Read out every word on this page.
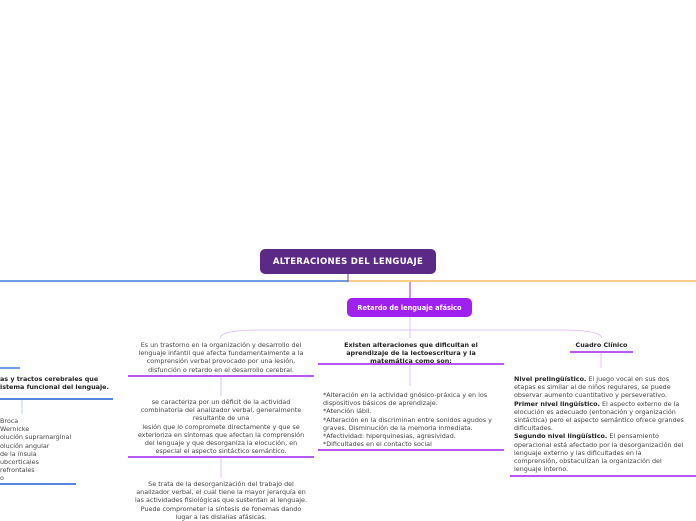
ALTERACIONES DEL LENGUAJE
Retardo de lenguaje afásico
as y tractos cerebrales que
istema funcional del lenguaje.
Broca
Wernicke
olución supramarginal
olución angular
de la ínsula
ubcorticales
refrontales
o
Es un trastorno en la organización y desarrollo del
lenguaje infantil que afecta fundamentalmente a la
comprensión verbal provocado por una lesión,
disfunción o retardo en el desarrollo cerebral.
se caracteriza por un déficit de la actividad
combinatoria del analizador verbal, generalmente
resultante de una
lesión que lo compromete directamente y que se
exterioriza en síntomas que afectan la comprensión
del lenguaje y que desorganiza la elocución, en
especial el aspecto sintáctico semántico.
Se trata de la desorganización del trabajo del
analizador verbal, el cual tiene la mayor jerarquía en
las actividades fisiológicas que sustentan al lenguaje.
Puede comprometer la síntesis de fonemas dando
lugar a las dislalias afásicas.
Existen alteraciones que dificultan el
aprendizaje de la lectoescritura y la
matemática como son:
*Alteración en la actividad gnósico-práxica y en los
dispositivos básicos de aprendizaje.
*Atención lábil.
*Alteración en la discriminan entre sonidos agudos y
graves. Disminución de la memoria inmediata.
*Afectividad: hiperquinesias, agresividad.
*Dificultades en el contacto social
Cuadro Clínico
Nivel prelingüístico. El juego vocal en sus dos
etapas es similar al de niños regulares, se puede
observar aumento cuantitativo y perseverativo.
Primer nivel lingüístico. El aspecto externo de la
elocución es adecuado (entonación y organización
sintáctica) pero el aspecto semántico ofrece grandes
dificultades.
Segundo nivel lingüístico. El pensamiento
operacional está afectado por la desorganización del
lenguaje externo y las dificultades en la
comprensión, obstaculizan la organización del
lenguaje interno.
